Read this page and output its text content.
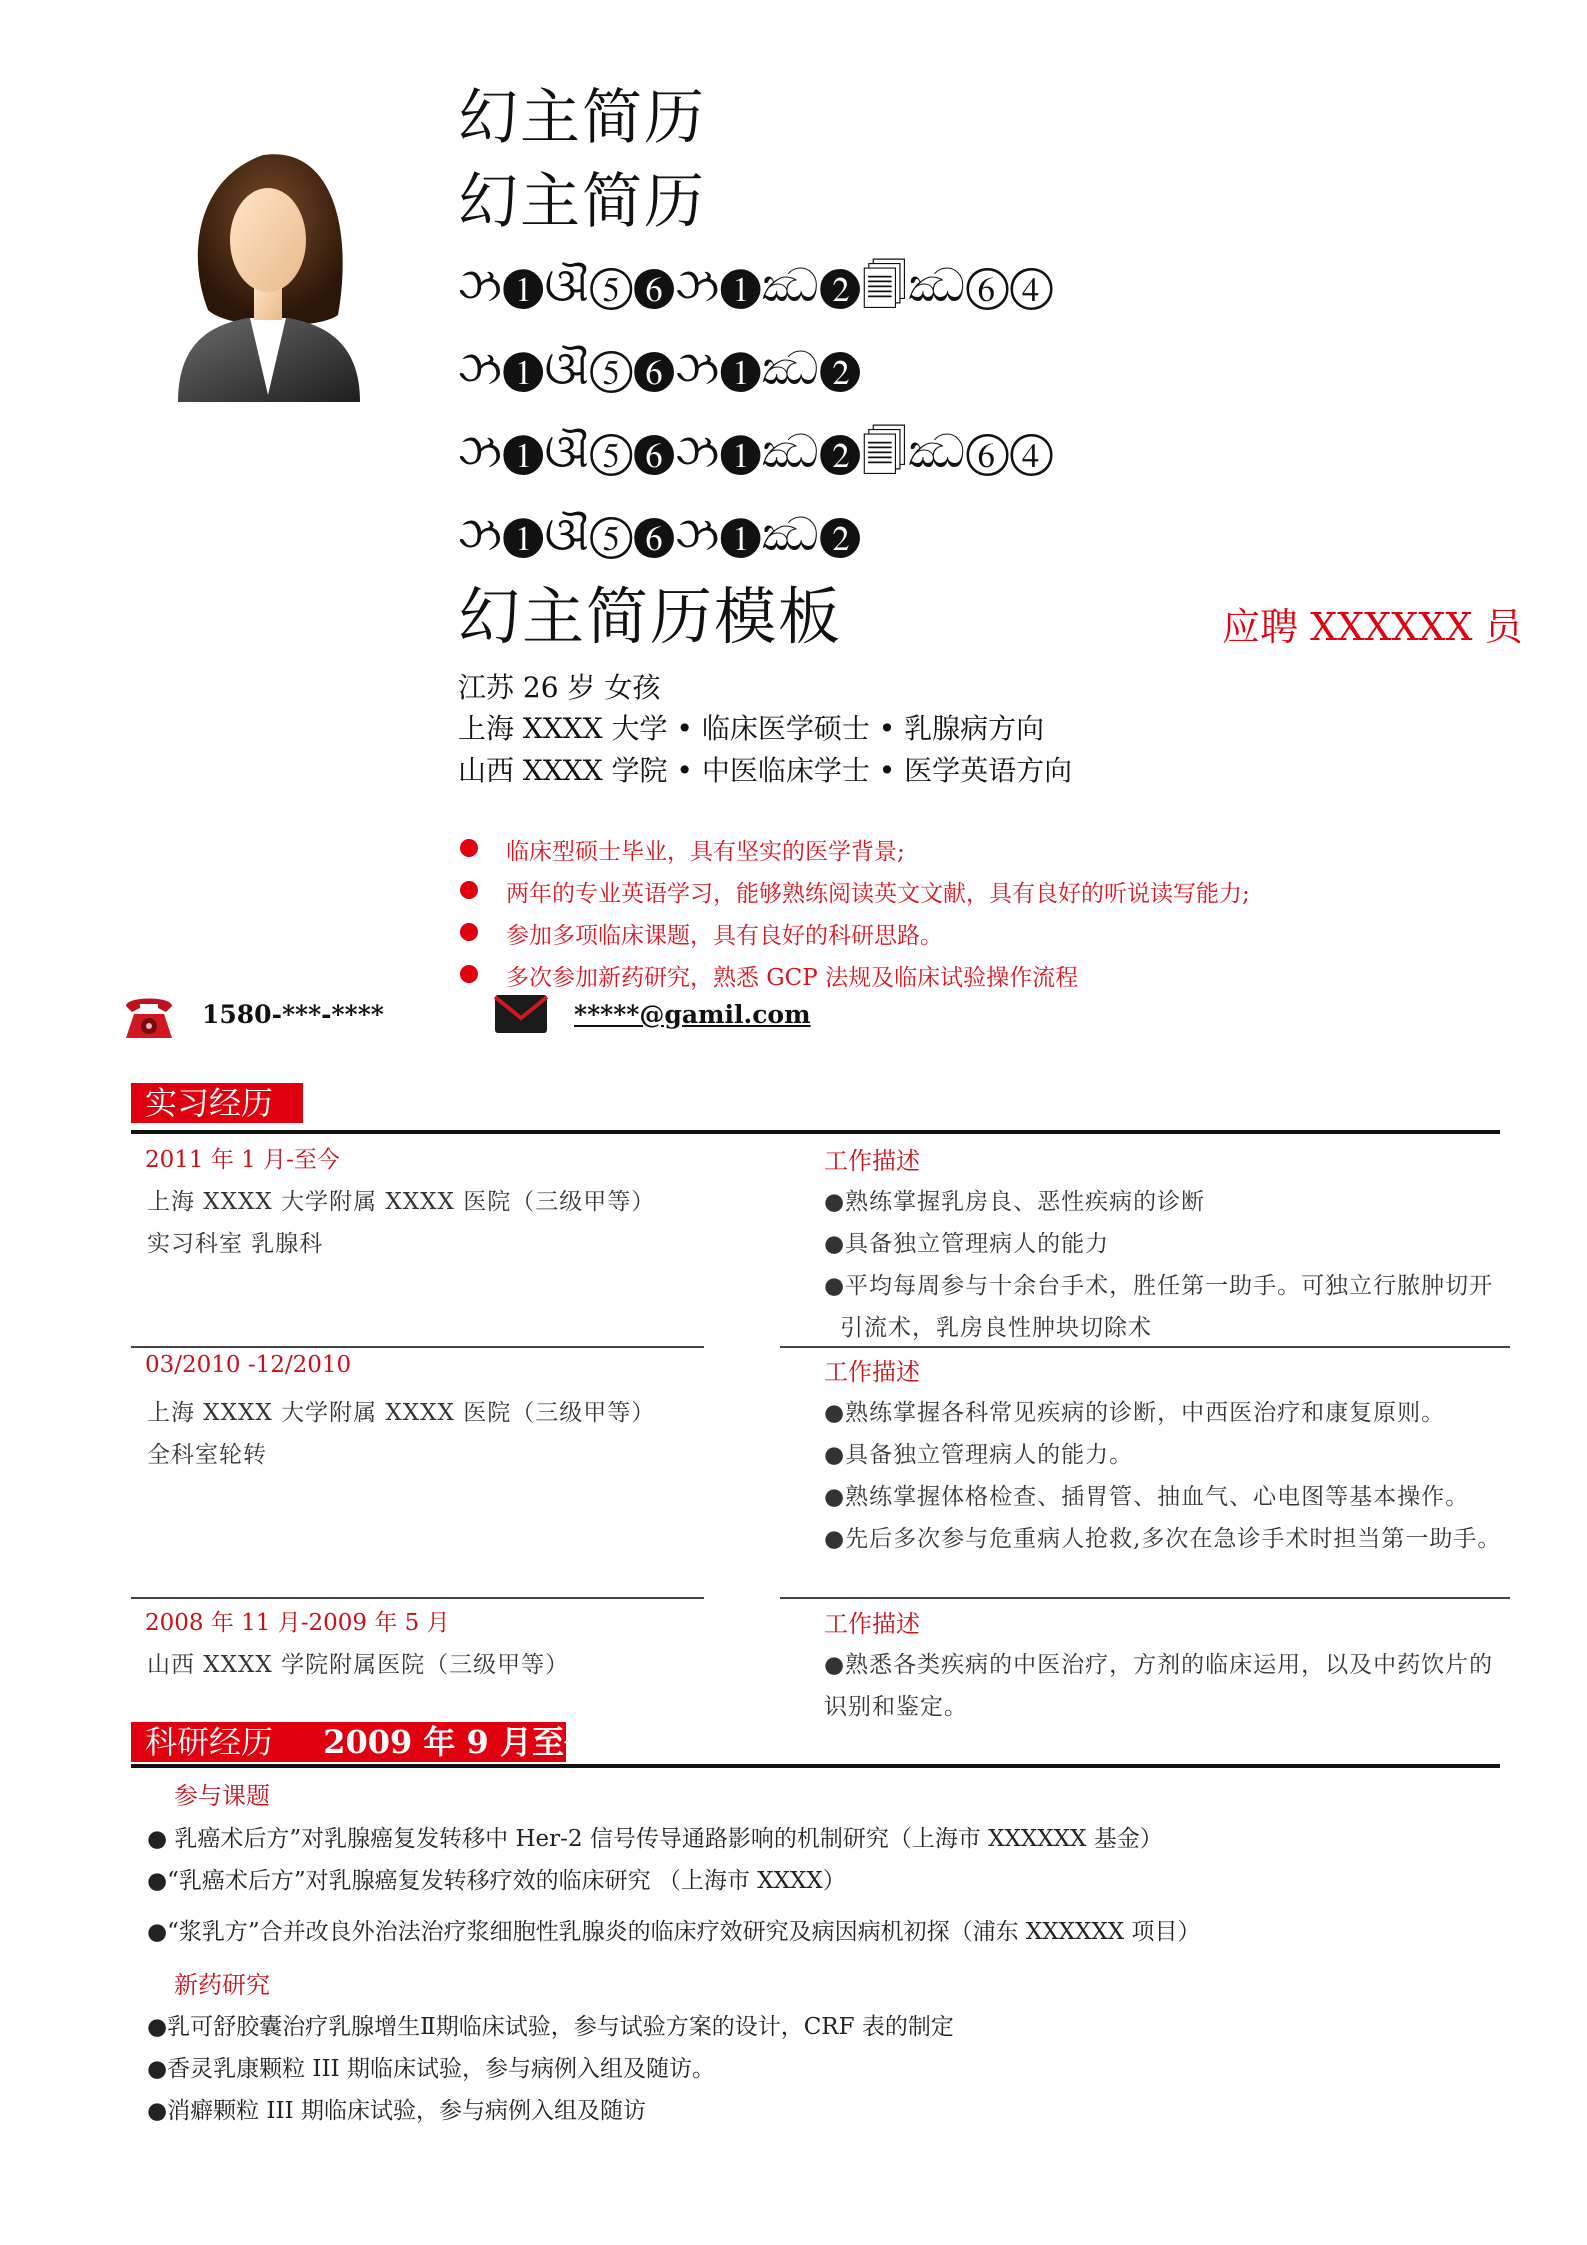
幻主简历
幻主简历
ઝ❶ଔ⑤❻ઝ❶ඣ❷🗐ඣ⑥④
ઝ❶ଔ⑤❻ઝ❶ඣ❷
ઝ❶ଔ⑤❻ઝ❶ඣ❷🗐ඣ⑥④
ઝ❶ଔ⑤❻ઝ❶ඣ❷
幻主简历模板	应聘 XXXXXX 员
江苏 26 岁 女孩
上海 XXXX 大学 • 临床医学硕士 • 乳腺病方向
山西 XXXX 学院 • 中医临床学士 • 医学英语方向
临床型硕士毕业，具有坚实的医学背景;
两年的专业英语学习，能够熟练阅读英文文献，具有良好的听说读写能力;
参加多项临床课题，具有良好的科研思路。
多次参加新药研究，熟悉 GCP 法规及临床试验操作流程
1580-***-****	*****@gamil.com
实习经历
2011 年 1 月-至今
上海 XXXX 大学附属 XXXX 医院（三级甲等）
实习科室 乳腺科
工作描述
●熟练掌握乳房良、恶性疾病的诊断
●具备独立管理病人的能力
●平均每周参与十余台手术，胜任第一助手。可独立行脓肿切开
引流术，乳房良性肿块切除术
03/2010 -12/2010
上海 XXXX 大学附属 XXXX 医院（三级甲等）
全科室轮转
工作描述
●熟练掌握各科常见疾病的诊断，中西医治疗和康复原则。
●具备独立管理病人的能力。
●熟练掌握体格检查、插胃管、抽血气、心电图等基本操作。
●先后多次参与危重病人抢救,多次在急诊手术时担当第一助手。
2008 年 11 月-2009 年 5 月
山西 XXXX 学院附属医院（三级甲等）
工作描述
●熟悉各类疾病的中医治疗，方剂的临床运用，以及中药饮片的
识别和鉴定。
科研经历 2009 年 9 月至今
参与课题
● 乳癌术后方”对乳腺癌复发转移中 Her-2 信号传导通路影响的机制研究（上海市 XXXXXX 基金）
●“乳癌术后方”对乳腺癌复发转移疗效的临床研究 （上海市 XXXX）
●“浆乳方”合并改良外治法治疗浆细胞性乳腺炎的临床疗效研究及病因病机初探（浦东 XXXXXX 项目）
新药研究
●乳可舒胶囊治疗乳腺增生Ⅱ期临床试验，参与试验方案的设计，CRF 表的制定
●香灵乳康颗粒 III 期临床试验，参与病例入组及随访。
●消癖颗粒 III 期临床试验，参与病例入组及随访
